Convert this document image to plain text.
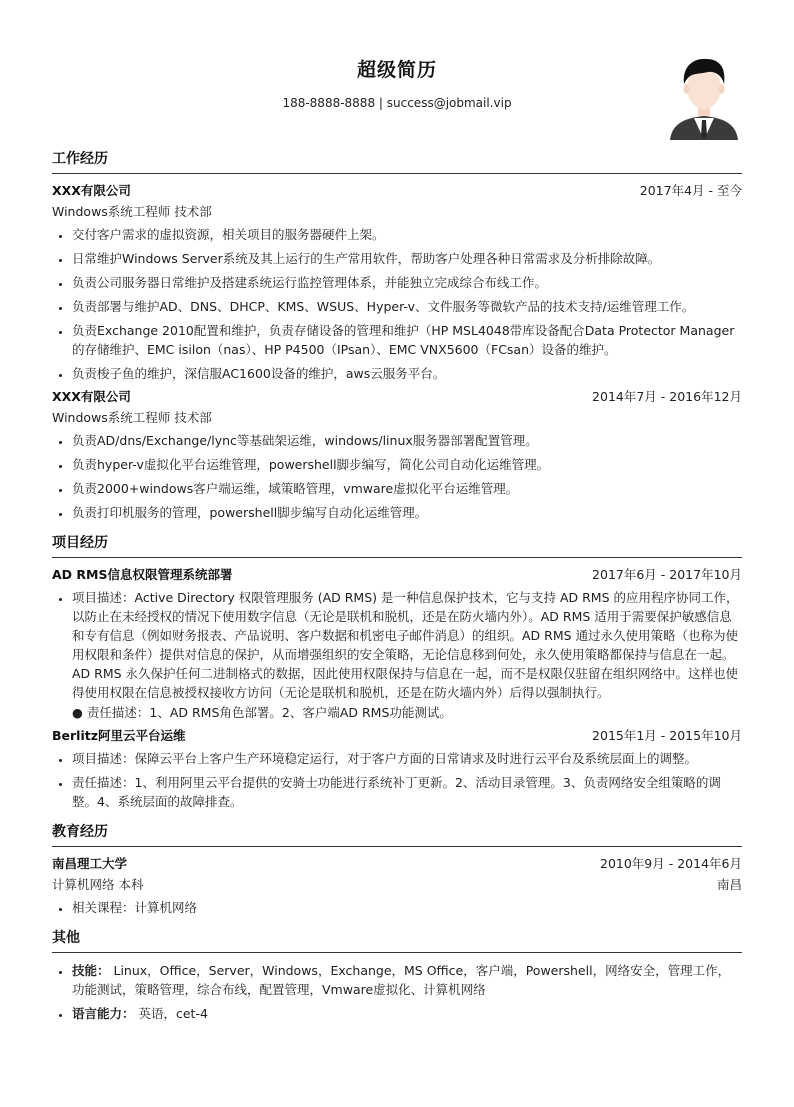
超级简历
188-8888-8888 | success@jobmail.vip
工作经历
XXX有限公司	2017年4月 - 至今
Windows系统工程师 技术部
• 交付客户需求的虚拟资源，相关项目的服务器硬件上架。
• 日常维护Windows Server系统及其上运行的生产常用软件，帮助客户处理各种日常需求及分析排除故障。
• 负责公司服务器日常维护及搭建系统运行监控管理体系，并能独立完成综合布线工作。
• 负责部署与维护AD、DNS、DHCP、KMS、WSUS、Hyper-v、文件服务等微软产品的技术支持/运维管理工作。
• 负责Exchange 2010配置和维护，负责存储设备的管理和维护（HP MSL4048带库设备配合Data Protector Manager的存储维护、EMC isilon（nas）、HP P4500（IPsan）、EMC VNX5600（FCsan）设备的维护。
• 负责梭子鱼的维护，深信服AC1600设备的维护，aws云服务平台。
XXX有限公司	2014年7月 - 2016年12月
Windows系统工程师 技术部
• 负责AD/dns/Exchange/lync等基础架运维，windows/linux服务器部署配置管理。
• 负责hyper-v虚拟化平台运维管理，powershell脚步编写，简化公司自动化运维管理。
• 负责2000+windows客户端运维，域策略管理，vmware虚拟化平台运维管理。
• 负责打印机服务的管理，powershell脚步编写自动化运维管理。
项目经历
AD RMS信息权限管理系统部署	2017年6月 - 2017年10月
• 项目描述：Active Directory 权限管理服务 (AD RMS) 是一种信息保护技术，它与支持 AD RMS 的应用程序协同工作，以防止在未经授权的情况下使用数字信息（无论是联机和脱机，还是在防火墙内外）。AD RMS 适用于需要保护敏感信息和专有信息（例如财务报表、产品说明、客户数据和机密电子邮件消息）的组织。AD RMS 通过永久使用策略（也称为使用权限和条件）提供对信息的保护，从而增强组织的安全策略，无论信息移到何处，永久使用策略都保持与信息在一起。AD RMS 永久保护任何二进制格式的数据，因此使用权限保持与信息在一起，而不是权限仅驻留在组织网络中。这样也使得使用权限在信息被授权接收方访问（无论是联机和脱机，还是在防火墙内外）后得以强制执行。
● 责任描述：1、AD RMS角色部署。2、客户端AD RMS功能测试。
Berlitz阿里云平台运维	2015年1月 - 2015年10月
• 项目描述：保障云平台上客户生产环境稳定运行，对于客户方面的日常请求及时进行云平台及系统层面上的调整。
• 责任描述：1、利用阿里云平台提供的安骑士功能进行系统补丁更新。2、活动目录管理。3、负责网络安全组策略的调整。4、系统层面的故障排查。
教育经历
南昌理工大学	2010年9月 - 2014年6月
计算机网络 本科	南昌
• 相关课程：计算机网络
其他
• 技能： Linux，Office，Server，Windows，Exchange，MS Office，客户端，Powershell，网络安全，管理工作，功能测试，策略管理，综合布线，配置管理，Vmware虚拟化、计算机网络
• 语言能力： 英语，cet-4
